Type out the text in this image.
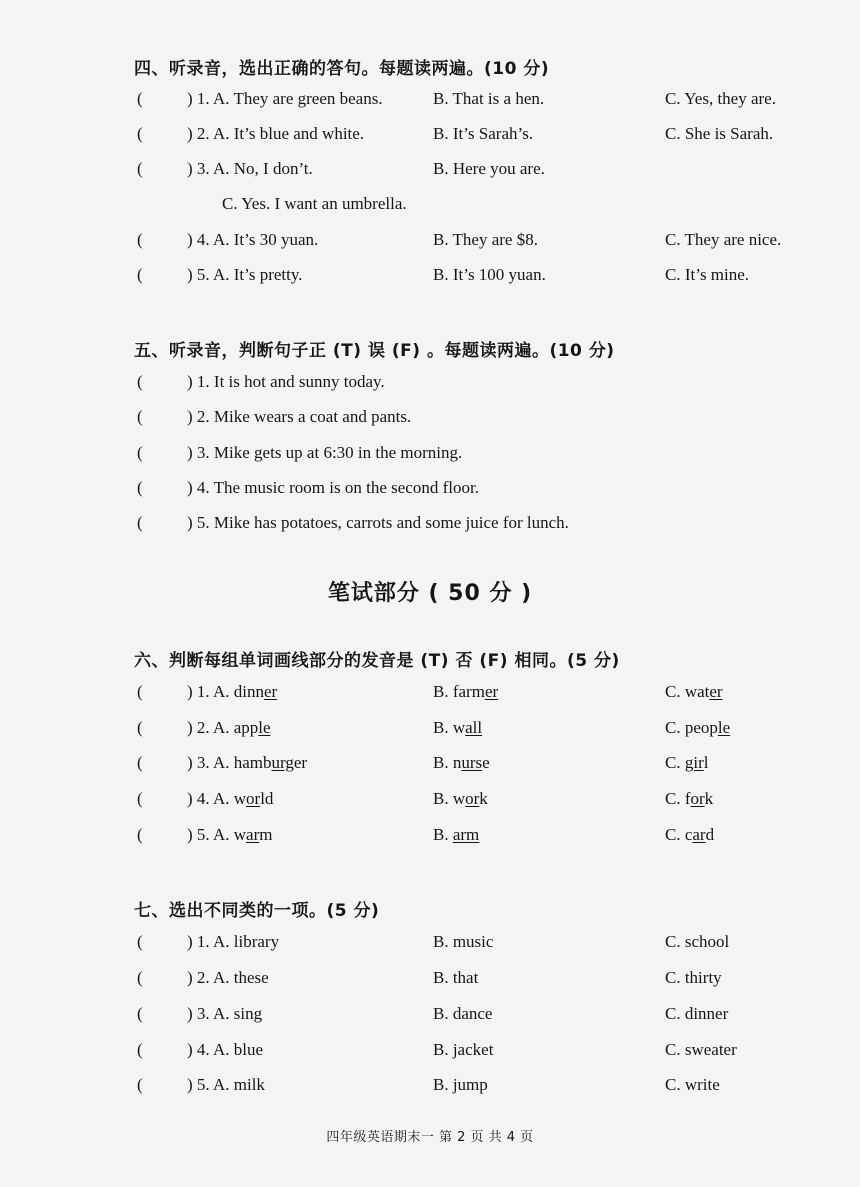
四、听录音，选出正确的答句。每题读两遍。(10 分)
(	) 1. A. They are green beans.	B. That is a hen.	C. Yes, they are.
(	) 2. A. It’s blue and white.	B. It’s Sarah’s.	C. She is Sarah.
(	) 3. A. No, I don’t.	B. Here you are.
C. Yes. I want an umbrella.
(	) 4. A. It’s 30 yuan.	B. They are $8.	C. They are nice.
(	) 5. A. It’s pretty.	B. It’s 100 yuan.	C. It’s mine.
五、听录音，判断句子正 (T) 误 (F) 。每题读两遍。(10 分)
(	) 1. It is hot and sunny today.
(	) 2. Mike wears a coat and pants.
(	) 3. Mike gets up at 6:30 in the morning.
(	) 4. The music room is on the second floor.
(	) 5. Mike has potatoes, carrots and some juice for lunch.
笔试部分 ( 50 分 )
六、判断每组单词画线部分的发音是 (T) 否 (F) 相同。(5 分)
(	) 1. A. dinner	B. farmer	C. water
(	) 2. A. apple	B. wall	C. people
(	) 3. A. hamburger	B. nurse	C. girl
(	) 4. A. world	B. work	C. fork
(	) 5. A. warm	B. arm	C. card
七、选出不同类的一项。(5 分)
(	) 1. A. library	B. music	C. school
(	) 2. A. these	B. that	C. thirty
(	) 3. A. sing	B. dance	C. dinner
(	) 4. A. blue	B. jacket	C. sweater
(	) 5. A. milk	B. jump	C. write
四年级英语期末一 第 2 页 共 4 页
